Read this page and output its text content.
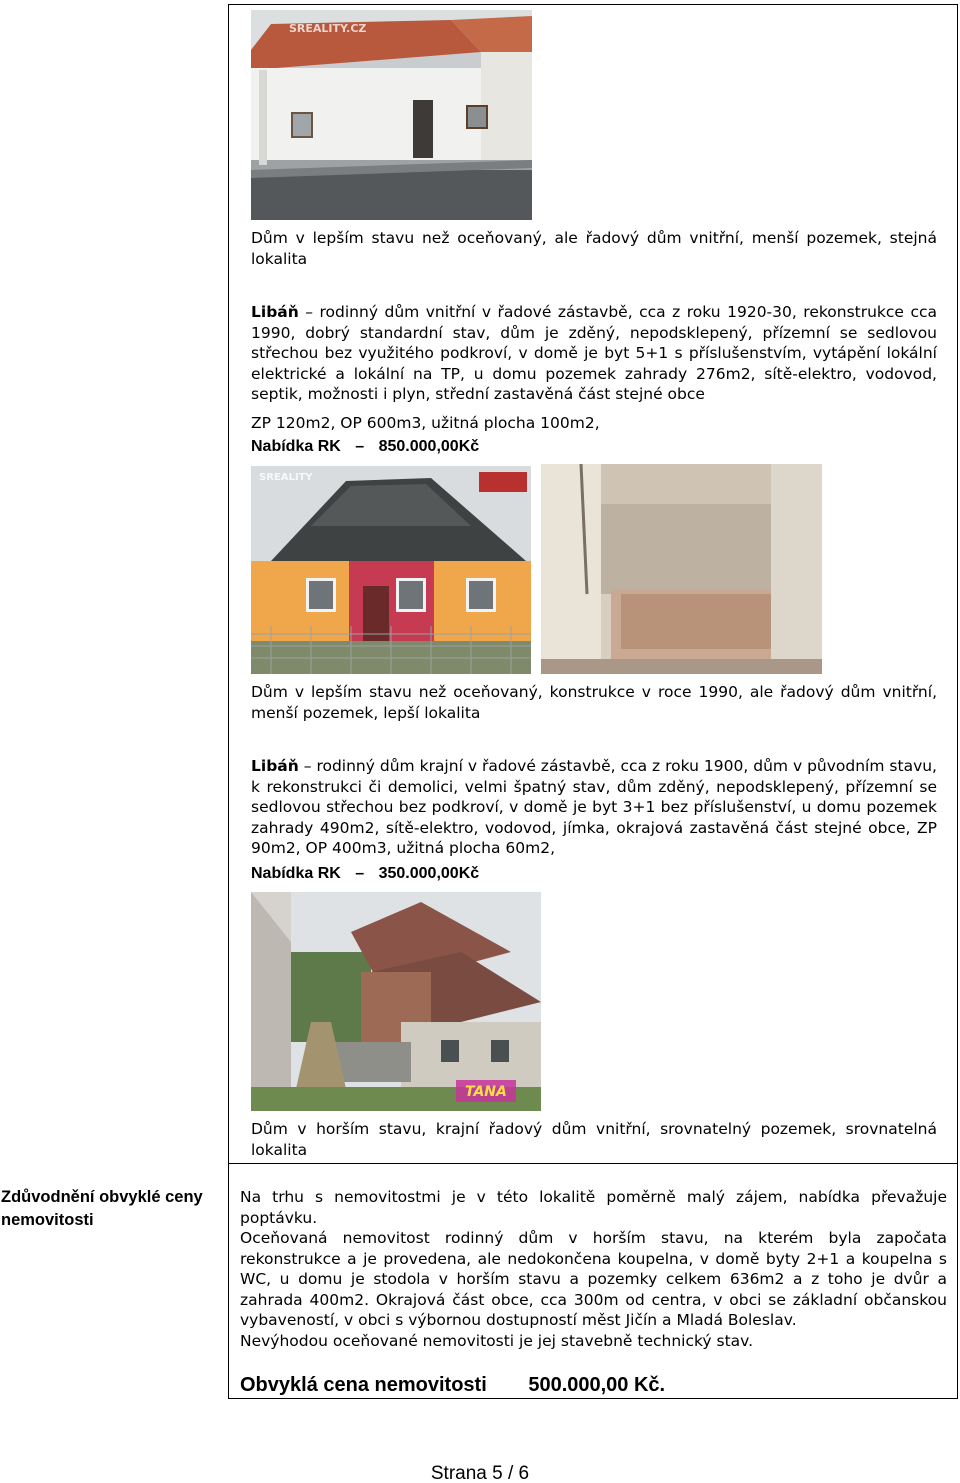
SREALITY.CZ
Dům v lepším stavu než oceňovaný, ale řadový dům vnitřní, menší pozemek, stejná lokalita
Libáň – rodinný dům vnitřní v řadové zástavbě, cca z roku 1920-30, rekonstrukce cca 1990, dobrý standardní stav, dům je zděný, nepodsklepený, přízemní se sedlovou střechou bez využitého podkroví, v domě je byt 5+1 s příslušenstvím, vytápění lokální elektrické a lokální na TP, u domu pozemek zahrady 276m2, sítě-elektro, vodovod, septik, možnosti i plyn, střední zastavěná část stejné obce
ZP 120m2, OP 600m3, užitná plocha 100m2,
Nabídka RK – 850.000,00Kč
SREALITY
Dům v lepším stavu než oceňovaný, konstrukce v roce 1990, ale řadový dům vnitřní, menší pozemek, lepší lokalita
Libáň – rodinný dům krajní v řadové zástavbě, cca z roku 1900, dům v původním stavu, k rekonstrukci či demolici, velmi špatný stav, dům zděný, nepodsklepený, přízemní se sedlovou střechou bez podkroví, v domě je byt 3+1 bez příslušenství, u domu pozemek zahrady 490m2, sítě-elektro, vodovod, jímka, okrajová zastavěná část stejné obce, ZP 90m2, OP 400m3, užitná plocha 60m2,
Nabídka RK – 350.000,00Kč
TANA
Dům v horším stavu, krajní řadový dům vnitřní, srovnatelný pozemek, srovnatelná lokalita
Zdůvodnění obvyklé ceny nemovitosti
Na trhu s nemovitostmi je v této lokalitě poměrně malý zájem, nabídka převažuje poptávku.
Oceňovaná nemovitost rodinný dům v horším stavu, na kterém byla započata rekonstrukce a je provedena, ale nedokončena koupelna, v domě byty 2+1 a koupelna s WC, u domu je stodola v horším stavu a pozemky celkem 636m2 a z toho je dvůr a zahrada 400m2. Okrajová část obce, cca 300m od centra, v obci se základní občanskou vybaveností, v obci s výbornou dostupností měst Jičín a Mladá Boleslav.
Nevýhodou oceňované nemovitosti je jej stavebně technický stav.
Obvyklá cena nemovitosti 500.000,00 Kč.
Strana 5 / 6
